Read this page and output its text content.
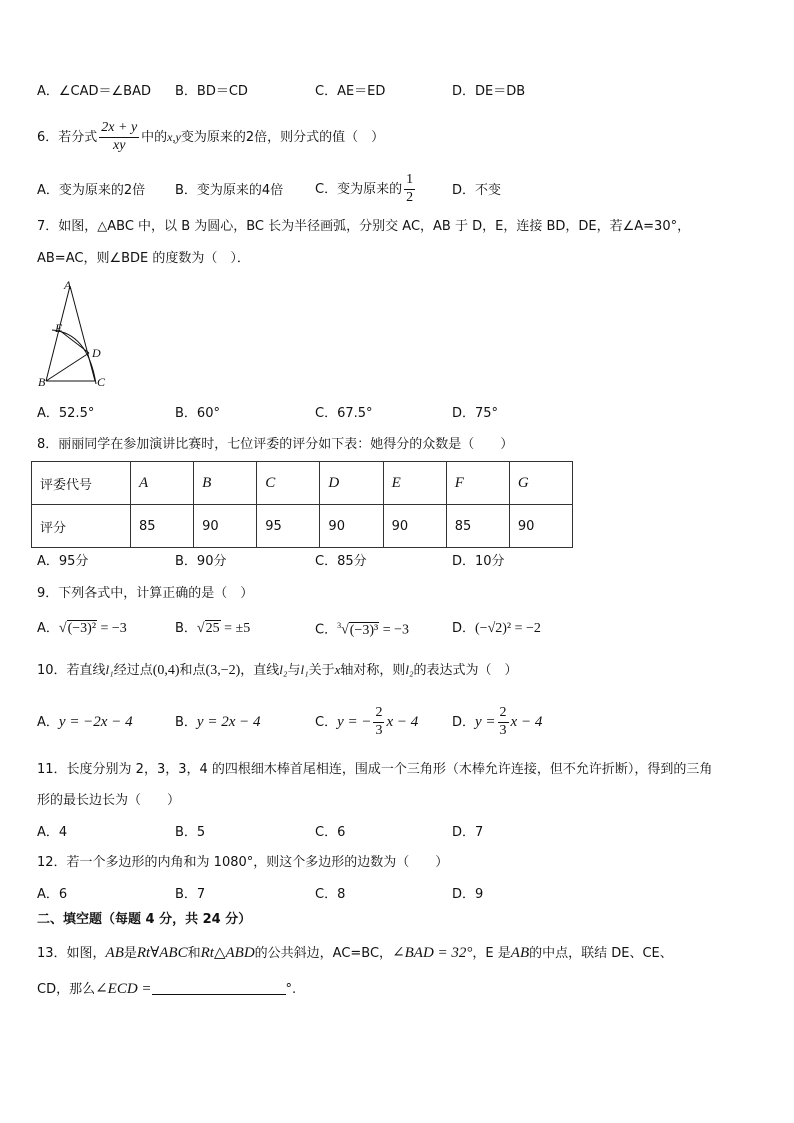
A．∠CAD＝∠BAD B．BD＝CD	C．AE＝ED	D．DE＝DB
6．若分式 $\frac{2x + y}{xy}$ 中的x,y变为原来的2倍，则分式的值（　）
A．变为原来的2倍 B．变为原来的4倍 C．变为原来的 $\frac{1}{2}$	D．不变
7．如图，△ABC 中，以 B 为圆心，BC 长为半径画弧，分别交 AC，AB 于 D，E，连接 BD，DE，若∠A=30°，
AB=AC，则∠BDE 的度数为（　）．
A
E
D
B	C
A．52.5°	B．60°	C．67.5°	D．75°
8．丽丽同学在参加演讲比赛时，七位评委的评分如下表：她得分的众数是（　　）
评委代号	A	B	C	D	E	F	G
评分	85	90	95	90	90	85	90
A．95分	B．90分	C．85分	D．10分
9．下列各式中，计算正确的是（　）
A．√(−3)² = −3	B．√25 = ±5	C．$^3$√(−3)³ = −3	D．(−√2)² = −2
10．若直线l₁经过点(0,4)和点(3,−2)，直线l₂与l₁关于x轴对称，则l₂的表达式为（　）
A．y = −2x − 4	B．y = 2x − 4	C．y = − $\frac{2}{3}$ x − 4	D．$y = \frac{2}{3}$ x − 4
11．长度分别为 2，3，3，4 的四根细木棒首尾相连，围成一个三角形（木棒允许连接，但不允许折断），得到的三角
形的最长边长为（　　）
A．4	B．5	C．6	D．7
12．若一个多边形的内角和为 1080°，则这个多边形的边数为（　　）
A．6	B．7	C．8	D．9
二、填空题（每题 4 分，共 24 分）
13．如图，AB是Rt∀ABC和Rt△ABD的公共斜边，AC=BC，∠BAD = 32°，E 是AB的中点，联结 DE、CE、
CD，那么∠ECD =	°.
